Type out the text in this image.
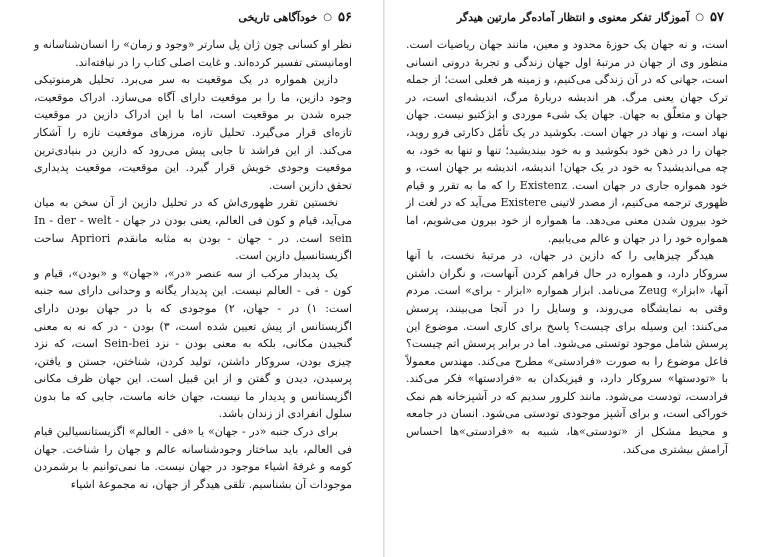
۵۶
○
خودآگاهی تاریخی

نظر او کسانی چون ژان پل سارتر «وجود و زمان» را انسان‌شناسانه و اومانیستی تفسیر کرده‌اند. و غایت اصلی کتاب را در نیافته‌اند.

دازین همواره در یک موقعیت به سر می‌برد. تحلیل هرمنوتیکی وجود دازین، ما را بر موقعیت دارای آگاه می‌سازد. ادراک موقعیت، جبره شدن بر موقعیت است، اما با این ادراک دازین در موقعیت تازه‌ای قرار می‌گیرد. تحلیل تازه، مرزهای موقعیت تازه را آشکار می‌کند. از این فراشد تا جایی پیش می‌رود که دازین در بنیادی‌ترین موقعیت وجودی خویش قرار گیرد. این موقعیت، موقعیت پدیداری تحقق دازین است.

نخستین تقرر ظهوری‌اش که در تحلیل دازین از آن سخن به میان می‌آید، قیام و کون فی العالم، یعنی بودن در جهان In - der - welt - sein است. در - جهان - بودن به مثابه مانقدم Apriori ساحت اگزیستانسیل دازین است.

یک پدیدار مرکب از سه عنصر «در»، «جهان» و «بودن»، قیام و کون - فی - العالم نیست. این پدیدار یگانه و وحدانی دارای سه جنبه است: ۱) در - جهان، ۲) موجودی که با در جهان بودن دارای اگزیستانس از پیش تعیین شده است، ۳) بودن - در که نه به معنی گنجیدن مکانی، بلکه به معنی بودن - نزد Sein-bei است، که نزد چیزی بودن، سروکار داشتن، تولید کردن، شناختن، جستن و یافتن، پرسیدن، دیدن و گفتن و از این قبیل است. این جهان ظرف مکانی اگزیستانس و پدیدار ما نیست، جهان خانه ماست، جایی که ما بدون سلول انفرادی از زندان باشد.

برای درک جنبه «در - جهان» یا «فی - العالم» اگزیستانسیالین قیام فی العالم، باید ساختار وجودشناسانه عالم و جهان را شناخت. جهان کومه و غرفهٔ اشیاء موجود در جهان نیست. ما نمی‌توانیم با برشمردن موجودات آن بشناسیم. تلقی هیدگر از جهان، نه مجموعهٔ اشیاء

۵۷
○
آموزگار تفکر معنوی و انتظار آماده‌گر مارتین هیدگر

است، و نه جهان یک حوزهٔ محدود و معین، مانند جهان ریاضیات است. منظور وی از جهان در مرتبهٔ اول جهان زندگی و تجربهٔ درونی انسانی است، جهانی که در آن زندگی می‌کنیم، و زمینه هر فعلی است؛ از جمله ترک جهان یعنی مرگ. هر اندیشه دربارهٔ مرگ، اندیشه‌ای است، در جهان و متعلّق به جهان. جهان یک شیء موردی و ابژکتیو نیست. جهان نهاد است، و نهاد در جهان است. بکوشید در یک تأمّل دکارتی فرو روید، جهان را در ذهن خود بکوشید و به خود بیندیشید؛ تنها و تنها به خود، به چه می‌اندیشید؟ به خود در یک جهان! اندیشه، اندیشه بر جهان است، و خود همواره جاری در جهان است. Existenz را که ما به تقرر و قیام ظهوری ترجمه می‌کنیم، از مصدر لاتینی Existere می‌آید که در لغت از خود بیرون شدن معنی می‌دهد. ما همواره از خود بیرون می‌شویم، اما همواره خود را در جهان و عالم می‌یابیم.

هیدگر چیزهایی را که دازین در جهان، در مرتبهٔ نخست، با آنها سروکار دارد، و همواره در حال فراهم کردن آنهاست، و نگران داشتن آنها، «ابزار» Zeug می‌نامد. ابزار همواره «ابزار - برای» است. مردم وقتی به نمایشگاه می‌روند، و وسایل را در آنجا می‌بینند، پرسش می‌کنند: این وسیله برای چیست؟ پاسخ برای کاری است. موضوع این پرسش شامل موجود توتستی می‌شود. اما در برابر پرسش اتم چیست؟ فاعل موضوع را به صورت «فرادستی» مطرح می‌کند. مهندس معمولاً با «تودستها» سروکار دارد، و فیزیکدان به «فرادستها» فکر می‌کند. فرادست، تودست می‌شود. مانند کلرور سدیم که در آشپزخانه هم نمک خوراکی است، و برای آشپز موجودی تودستی می‌شود. انسان در جامعه و محیط مشکل از «تودستی»ها، شبیه به «فرادستی»ها احساس آرامش بیشتری می‌کند.
